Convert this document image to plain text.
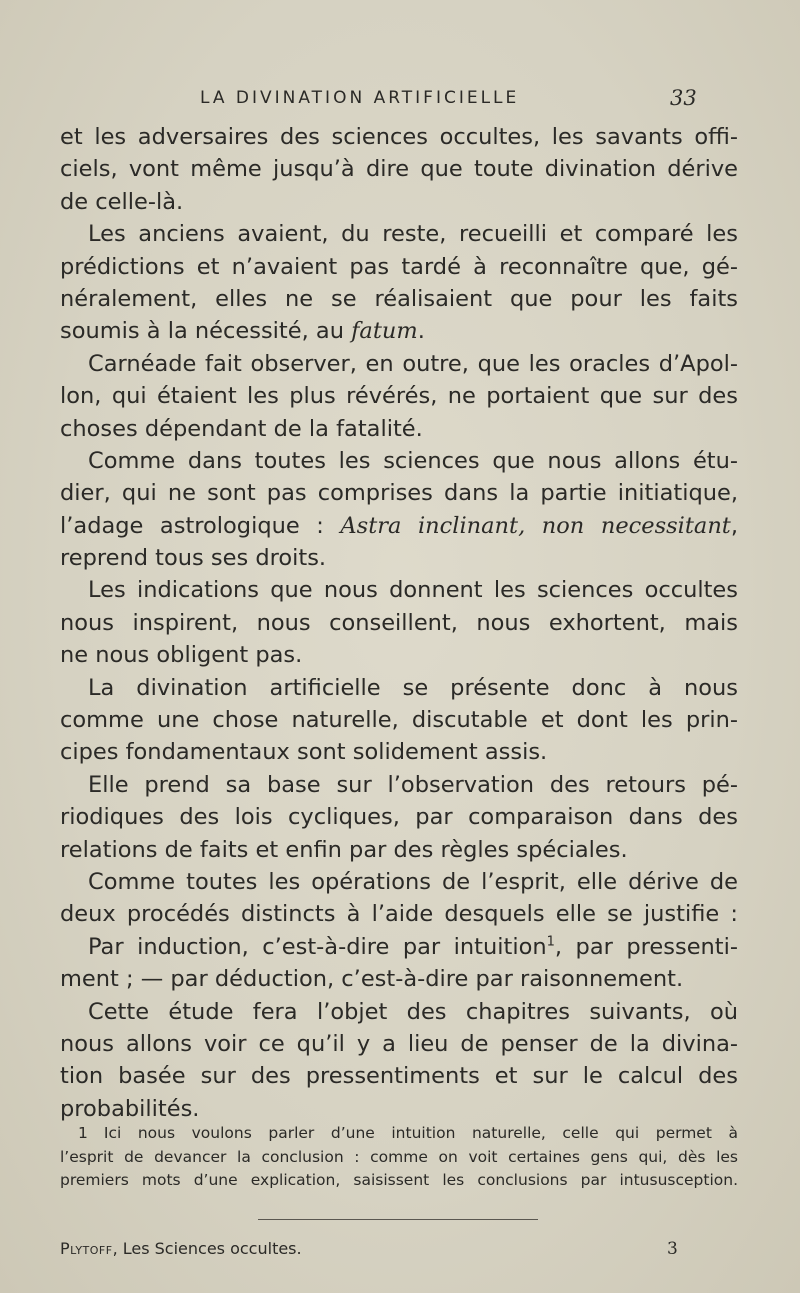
LA DIVINATION ARTIFICIELLE	33
et les adversaires des sciences occultes, les savants offi-
ciels, vont même jusqu’à dire que toute divination dérive
de celle-là.
Les anciens avaient, du reste, recueilli et comparé les
prédictions et n’avaient pas tardé à reconnaître que, gé-
néralement, elles ne se réalisaient que pour les faits
soumis à la nécessité, au fatum.
Carnéade fait observer, en outre, que les oracles d’Apol-
lon, qui étaient les plus révérés, ne portaient que sur des
choses dépendant de la fatalité.
Comme dans toutes les sciences que nous allons étu-
dier, qui ne sont pas comprises dans la partie initiatique,
l’adage astrologique : Astra inclinant, non necessitant,
reprend tous ses droits.
Les indications que nous donnent les sciences occultes
nous inspirent, nous conseillent, nous exhortent, mais
ne nous obligent pas.
La divination artificielle se présente donc à nous
comme une chose naturelle, discutable et dont les prin-
cipes fondamentaux sont solidement assis.
Elle prend sa base sur l’observation des retours pé-
riodiques des lois cycliques, par comparaison dans des
relations de faits et enfin par des règles spéciales.
Comme toutes les opérations de l’esprit, elle dérive de
deux procédés distincts à l’aide desquels elle se justifie :
Par induction, c’est-à-dire par intuition$^1$, par pressenti-
ment ; — par déduction, c’est-à-dire par raisonnement.
Cette étude fera l’objet des chapitres suivants, où
nous allons voir ce qu’il y a lieu de penser de la divina-
tion basée sur des pressentiments et sur le calcul des
probabilités.
1 Ici nous voulons parler d’une intuition naturelle, celle qui permet à
l’esprit de devancer la conclusion : comme on voit certaines gens qui, dès les
premiers mots d’une explication, saisissent les conclusions par intususception.
Plytoff, Les Sciences occultes.	3
